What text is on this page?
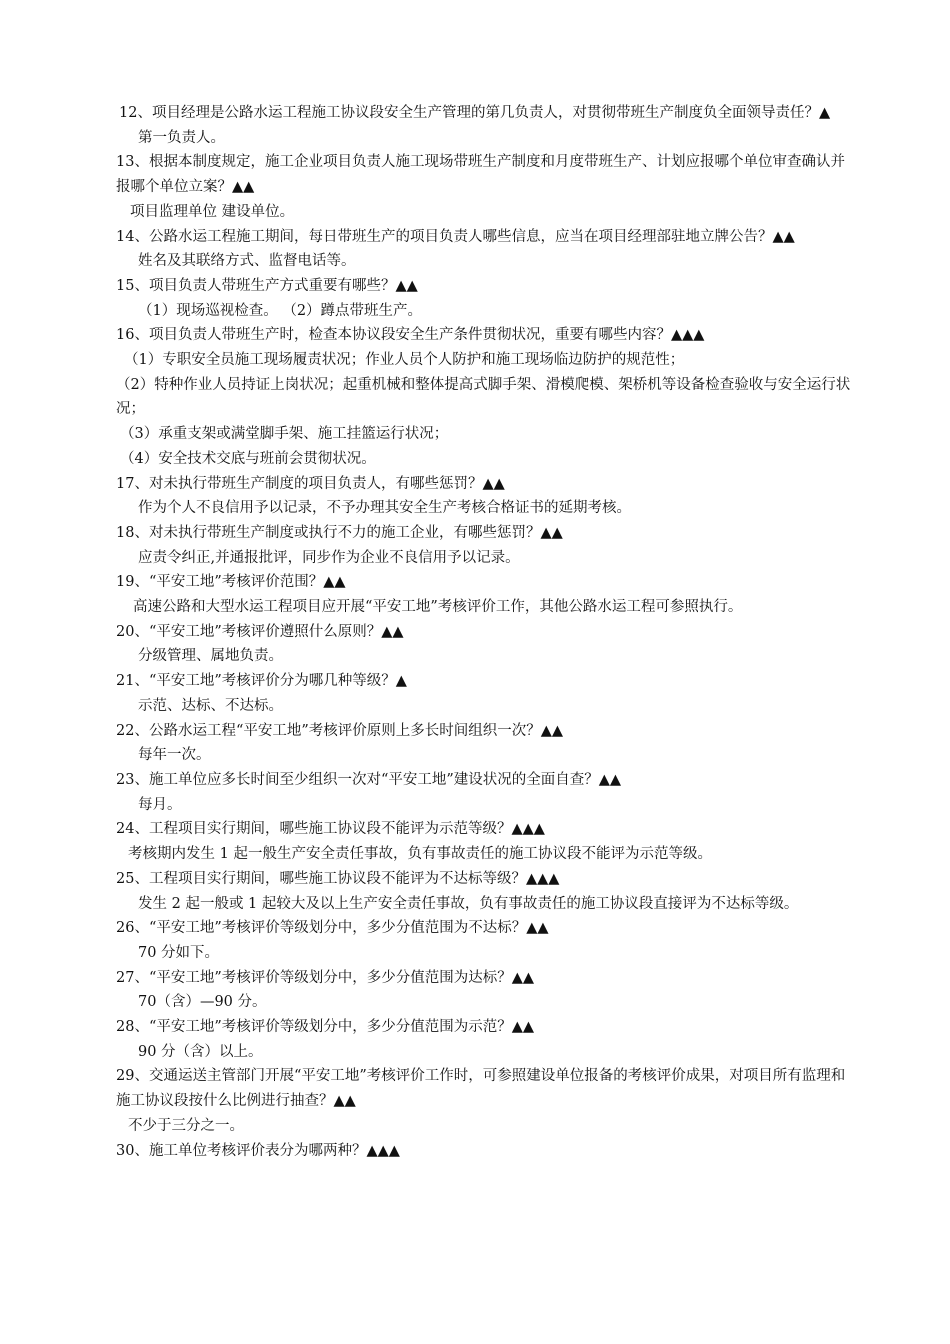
12、项目经理是公路水运工程施工协议段安全生产管理的第几负责人，对贯彻带班生产制度负全面领导责任？▲
第一负责人。
13、根据本制度规定，施工企业项目负责人施工现场带班生产制度和月度带班生产、计划应报哪个单位审查确认并报哪个单位立案？▲▲
项目监理单位 建设单位。
14、公路水运工程施工期间，每日带班生产的项目负责人哪些信息，应当在项目经理部驻地立牌公告？▲▲
姓名及其联络方式、监督电话等。
15、项目负责人带班生产方式重要有哪些？▲▲
（1）现场巡视检查。 （2）蹲点带班生产。
16、项目负责人带班生产时，检查本协议段安全生产条件贯彻状况，重要有哪些内容？▲▲▲
（1）专职安全员施工现场履责状况；作业人员个人防护和施工现场临边防护的规范性；
（2）特种作业人员持证上岗状况；起重机械和整体提高式脚手架、滑模爬模、架桥机等设备检查验收与安全运行状况；
（3）承重支架或满堂脚手架、施工挂篮运行状况；
（4）安全技术交底与班前会贯彻状况。
17、对未执行带班生产制度的项目负责人，有哪些惩罚？▲▲
作为个人不良信用予以记录，不予办理其安全生产考核合格证书的延期考核。
18、对未执行带班生产制度或执行不力的施工企业，有哪些惩罚？▲▲
应责令纠正,并通报批评，同步作为企业不良信用予以记录。
19、“平安工地”考核评价范围？▲▲
高速公路和大型水运工程项目应开展“平安工地”考核评价工作，其他公路水运工程可参照执行。
20、“平安工地”考核评价遵照什么原则？▲▲
分级管理、属地负责。
21、“平安工地”考核评价分为哪几种等级？▲
示范、达标、不达标。
22、公路水运工程“平安工地”考核评价原则上多长时间组织一次？▲▲
每年一次。
23、施工单位应多长时间至少组织一次对“平安工地”建设状况的全面自查？▲▲
每月。
24、工程项目实行期间，哪些施工协议段不能评为示范等级？▲▲▲
考核期内发生 1 起一般生产安全责任事故，负有事故责任的施工协议段不能评为示范等级。
25、工程项目实行期间，哪些施工协议段不能评为不达标等级？▲▲▲
发生 2 起一般或 1 起较大及以上生产安全责任事故，负有事故责任的施工协议段直接评为不达标等级。
26、“平安工地”考核评价等级划分中，多少分值范围为不达标？▲▲
70 分如下。
27、“平安工地”考核评价等级划分中，多少分值范围为达标？▲▲
70（含）—90 分。
28、“平安工地”考核评价等级划分中，多少分值范围为示范？▲▲
90 分（含）以上。
29、交通运送主管部门开展“平安工地”考核评价工作时，可参照建设单位报备的考核评价成果，对项目所有监理和施工协议段按什么比例进行抽查？▲▲
不少于三分之一。
30、施工单位考核评价表分为哪两种？▲▲▲
